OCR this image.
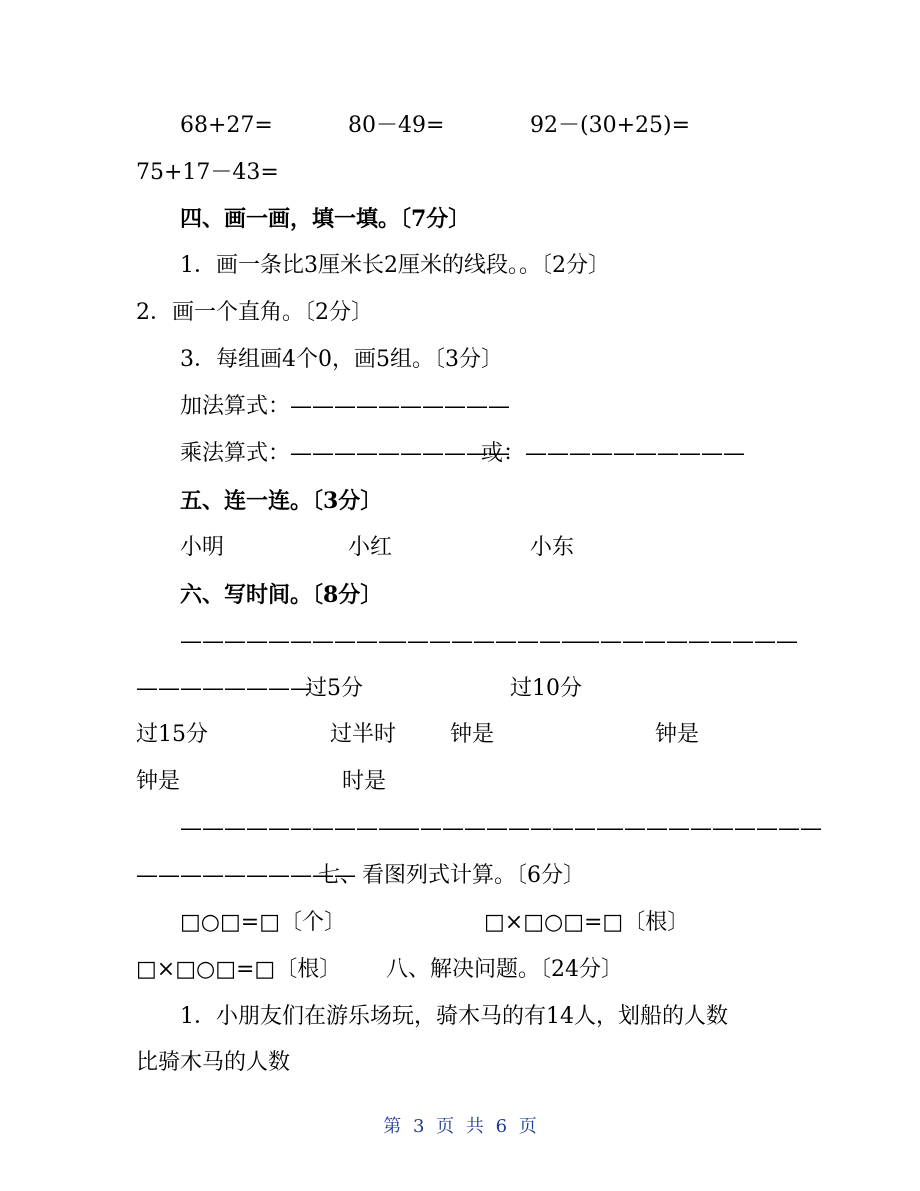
68+27=	80－49=	92－(30+25)=
75+17－43=
四、画一画，填一填。〔7分〕
1．画一条比3厘米长2厘米的线段。。〔2分〕
2．画一个直角。〔2分〕
3．每组画4个0，画5组。〔3分〕
加法算式：——————————
乘法算式：——————————
或：——————————
五、连一连。〔3分〕
小明	小红	小东
六、写时间。〔8分〕
——————————
—————————
——————————
————————
过5分	过10分
过15分	过半时 钟是	钟是
钟是	时是
——————————
——————————
——————————
——————————
七、看图列式计算。〔6分〕
□○□=□〔个〕	□×□○□=□〔根〕
□×□○□=□〔根〕 八、解决问题。〔24分〕
1．小朋友们在游乐场玩，骑木马的有14人，划船的人数
比骑木马的人数
第 3 页 共 6 页
